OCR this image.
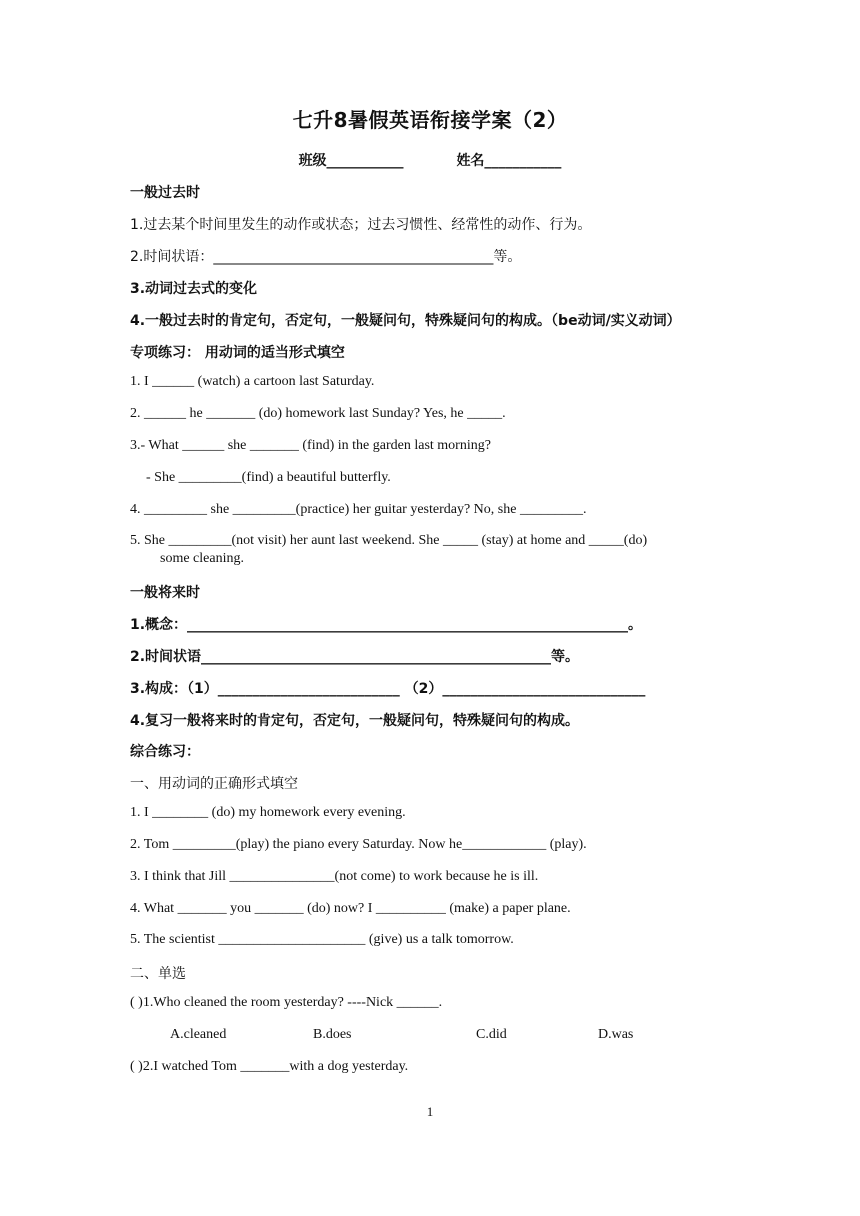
七升8暑假英语衔接学案（2）
班级___________	姓名___________
一般过去时
1.过去某个时间里发生的动作或状态；过去习惯性、经常性的动作、行为。
2.时间状语：________________________________________等。
3.动词过去式的变化
4.一般过去时的肯定句，否定句，一般疑问句，特殊疑问句的构成。（be动词/实义动词）
专项练习： 用动词的适当形式填空
1. I ______ (watch) a cartoon last Saturday.
2. ______ he _______ (do) homework last Sunday? Yes, he _____.
3.- What ______ she _______ (find) in the garden last morning?
- She _________(find) a beautiful butterfly.
4. _________ she _________(practice) her guitar yesterday? No, she _________.
5. She _________(not visit) her aunt last weekend. She _____ (stay) at home and _____(do)
some cleaning.
一般将来时
1.概念：_______________________________________________________________。
2.时间状语__________________________________________________等。
3.构成：（1）__________________________ （2）_____________________________
4.复习一般将来时的肯定句，否定句，一般疑问句，特殊疑问句的构成。
综合练习：
一、用动词的正确形式填空
1. I ________ (do) my homework every evening.
2. Tom _________(play) the piano every Saturday. Now he____________ (play).
3. I think that Jill _______________(not come) to work because he is ill.
4. What _______ you _______ (do) now? I __________ (make) a paper plane.
5. The scientist _____________________ (give) us a talk tomorrow.
二、单选
( )1.Who cleaned the room yesterday? ----Nick ______.
A.cleaned	B.does	C.did	D.was
( )2.I watched Tom _______with a dog yesterday.
1
